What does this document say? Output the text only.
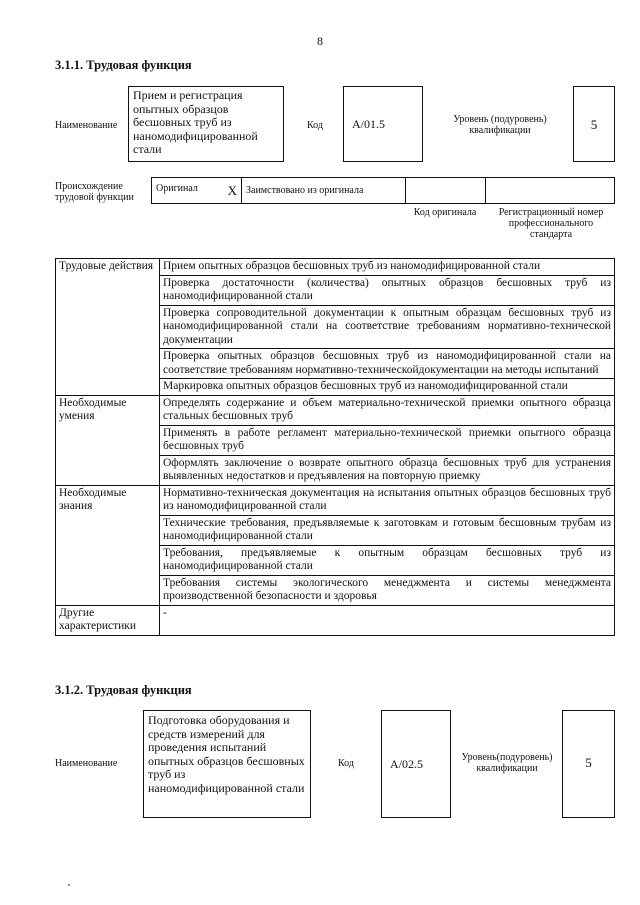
8
3.1.1. Трудовая функция
Наименование
Прием и регистрация опытных образцов бесшовных труб из наномодифицированной стали
Код А/01.5	Уровень (подуровень) квалификации	5
Происхождение трудовой функции
Оригинал X	Заимствовано из оригинала		
Код оригинала	Регистрационный номер профессионального стандарта
Трудовые действия	Прием опытных образцов бесшовных труб из наномодифицированной стали
	Проверка достаточности (количества) опытных образцов бесшовных труб из наномодифицированной стали
	Проверка сопроводительной документации к опытным образцам бесшовных труб из наномодифицированной стали на соответствие требованиям нормативно-технической документации
	Проверка опытных образцов бесшовных труб из наномодифицированной стали на соответствие требованиям нормативно-техническойдокументации на методы испытаний
	Маркировка опытных образцов бесшовных труб из наномодифицированной стали
Необходимые умения	Определять содержание и объем материально-технической приемки опытного образца стальных бесшовных труб
	Применять в работе регламент материально-технической приемки опытного образца бесшовных труб
	Оформлять заключение о возврате опытного образца бесшовных труб для устранения выявленных недостатков и предъявления на повторную приемку
Необходимые знания	Нормативно-техническая документация на испытания опытных образцов бесшовных труб из наномодифицированной стали
	Технические требования, предъявляемые к заготовкам и готовым бесшовным трубам из наномодифицированной стали
	Требования, предъявляемые к опытным образцам бесшовных труб из наномодифицированной стали
	Требования системы экологического менеджмента и системы менеджмента производственной безопасности и здоровья
Другие характеристики	-
3.1.2. Трудовая функция
Наименование
Подготовка оборудования и средств измерений для проведения испытаний опытных образцов бесшовных труб из наномодифицированной стали
Код	А/02.5	Уровень(подуровень) квалификации	5
